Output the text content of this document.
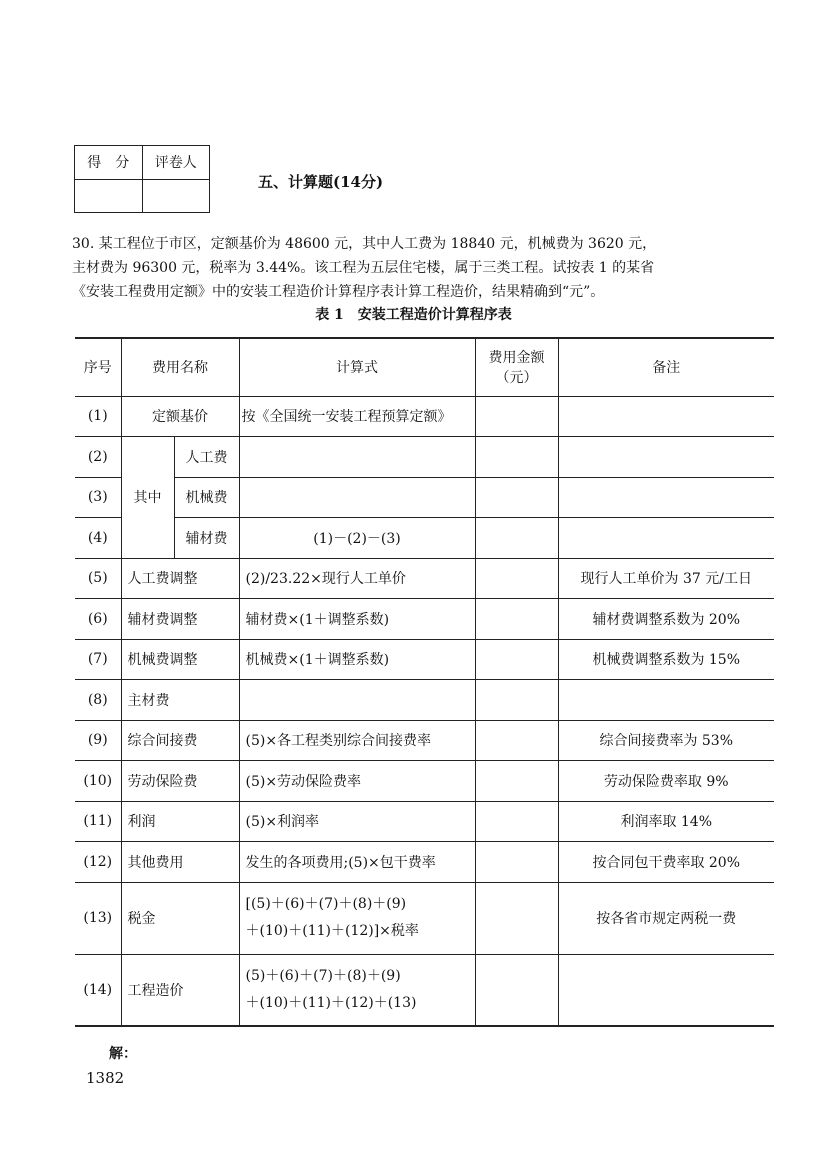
得　分	评卷人

五、计算题(14分)
30. 某工程位于市区，定额基价为 48600 元，其中人工费为 18840 元，机械费为 3620 元，
主材费为 96300 元，税率为 3.44%。该工程为五层住宅楼，属于三类工程。试按表 1 的某省
《安装工程费用定额》中的安装工程造价计算程序表计算工程造价，结果精确到“元”。
表 1　安装工程造价计算程序表
序号	费用名称		计算式	费用金额
（元）	备注
(1)	定额基价		按《全国统一安装工程预算定额》		
(2)	其中	人工费			
(3)		机械费			
(4)		辅材费	(1)－(2)－(3)		
(5)	人工费调整		(2)/23.22×现行人工单价		现行人工单价为 37 元/工日
(6)	辅材费调整		辅材费×(1＋调整系数)		辅材费调整系数为 20%
(7)	机械费调整		机械费×(1＋调整系数)		机械费调整系数为 15%
(8)	主材费				
(9)	综合间接费		(5)×各工程类别综合间接费率		综合间接费率为 53%
(10)	劳动保险费		(5)×劳动保险费率		劳动保险费率取 9%
(11)	利润		(5)×利润率		利润率取 14%
(12)	其他费用		发生的各项费用;(5)×包干费率		按合同包干费率取 20%
(13)	税金		[(5)＋(6)＋(7)＋(8)＋(9)
＋(10)＋(11)＋(12)]×税率		按各省市规定两税一费
(14)	工程造价		(5)＋(6)＋(7)＋(8)＋(9)
＋(10)＋(11)＋(12)＋(13)		

解：
1382
